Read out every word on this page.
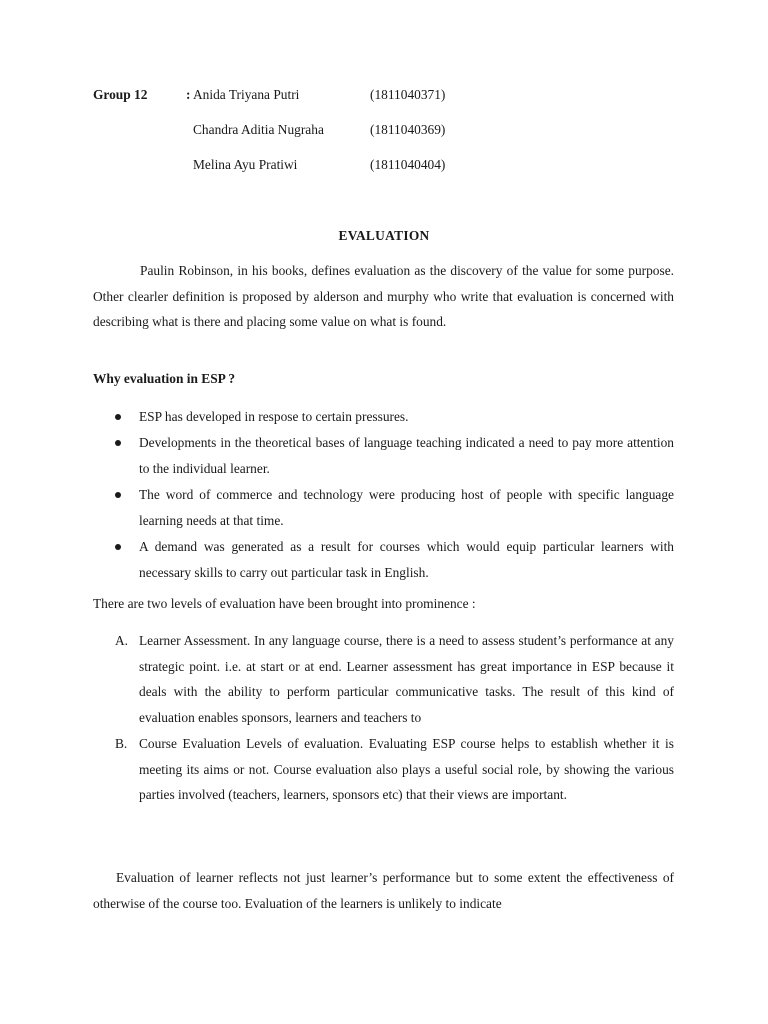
Group 12	: Anida Triyana Putri	(1811040371)
Chandra Aditia Nugraha	(1811040369)
Melina Ayu Pratiwi	(1811040404)
EVALUATION

Paulin Robinson, in his books, defines evaluation as the discovery of the value for some purpose. Other clearler definition is proposed by alderson and murphy who write that evaluation is concerned with describing what is there and placing some value on what is found.

Why evaluation in ESP ?
ESP has developed in respose to certain pressures.
Developments in the theoretical bases of language teaching indicated a need to pay more attention to the individual learner.
The word of commerce and technology were producing host of people with specific language learning needs at that time.
A demand was generated as a result for courses which would equip particular learners with necessary skills to carry out particular task in English.
There are two levels of evaluation have been brought into prominence :
A. Learner Assessment. In any language course, there is a need to assess student’s performance at any strategic point. i.e. at start or at end. Learner assessment has great importance in ESP because it deals with the ability to perform particular communicative tasks. The result of this kind of evaluation enables sponsors, learners and teachers to
B. Course Evaluation Levels of evaluation. Evaluating ESP course helps to establish whether it is meeting its aims or not. Course evaluation also plays a useful social role, by showing the various parties involved (teachers, learners, sponsors etc) that their views are important.

Evaluation of learner reflects not just learner’s performance but to some extent the effectiveness of otherwise of the course too. Evaluation of the learners is unlikely to indicate
